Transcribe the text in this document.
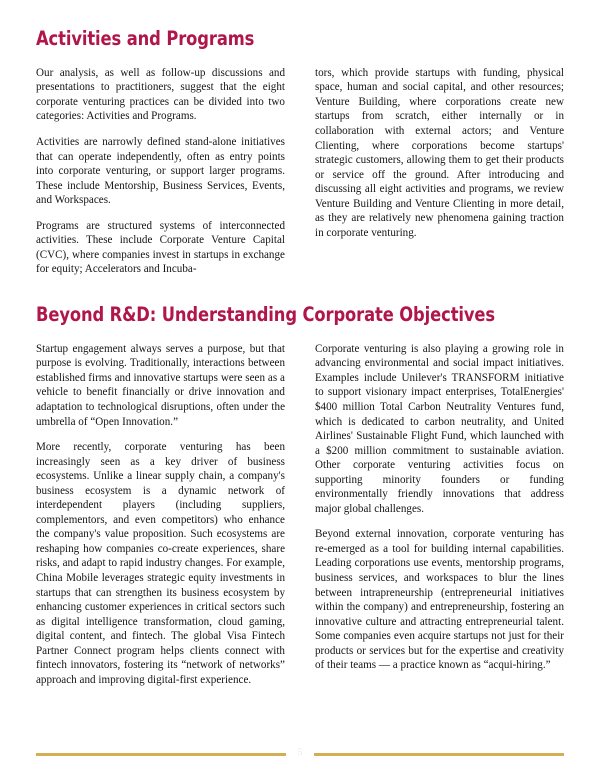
Activities and Programs

Our analysis, as well as follow-up discussions and presentations to practitioners, suggest that the eight corporate venturing practices can be divided into two categories: Activities and Programs.

Activities are narrowly defined stand-alone initiatives that can operate independently, often as entry points into corporate venturing, or support larger programs. These include Mentorship, Business Services, Events, and Workspaces.

Programs are structured systems of interconnected activities. These include Corporate Venture Capital (CVC), where companies invest in startups in exchange for equity; Accelerators and Incuba-

tors, which provide startups with funding, physical space, human and social capital, and other resources; Venture Building, where corporations create new startups from scratch, either internally or in collaboration with external actors; and Venture Clienting, where corporations become startups' strategic customers, allowing them to get their products or service off the ground. After introducing and discussing all eight activities and programs, we review Venture Building and Venture Clienting in more detail, as they are relatively new phenomena gaining traction in corporate venturing.

Beyond R&D: Understanding Corporate Objectives

Startup engagement always serves a purpose, but that purpose is evolving. Traditionally, interactions between established firms and innovative startups were seen as a vehicle to benefit financially or drive innovation and adaptation to technological disruptions, often under the umbrella of “Open Innovation.”

More recently, corporate venturing has been increasingly seen as a key driver of business ecosystems. Unlike a linear supply chain, a company's business ecosystem is a dynamic network of interdependent players (including suppliers, complementors, and even competitors) who enhance the company's value proposition. Such ecosystems are reshaping how companies co-create experiences, share risks, and adapt to rapid industry changes. For example, China Mobile leverages strategic equity investments in startups that can strengthen its business ecosystem by enhancing customer experiences in critical sectors such as digital intelligence transformation, cloud gaming, digital content, and fintech. The global Visa Fintech Partner Connect program helps clients connect with fintech innovators, fostering its “network of networks” approach and improving digital-first experience.

Corporate venturing is also playing a growing role in advancing environmental and social impact initiatives. Examples include Unilever's TRANSFORM initiative to support visionary impact enterprises, TotalEnergies' $400 million Total Carbon Neutrality Ventures fund, which is dedicated to carbon neutrality, and United Airlines' Sustainable Flight Fund, which launched with a $200 million commitment to sustainable aviation. Other corporate venturing activities focus on supporting minority founders or funding environmentally friendly innovations that address major global challenges.

Beyond external innovation, corporate venturing has re-emerged as a tool for building internal capabilities. Leading corporations use events, mentorship programs, business services, and workspaces to blur the lines between intrapreneurship (entrepreneurial initiatives within the company) and entrepreneurship, fostering an innovative culture and attracting entrepreneurial talent. Some companies even acquire startups not just for their products or services but for the expertise and creativity of their teams — a practice known as “acqui-hiring.”

5
